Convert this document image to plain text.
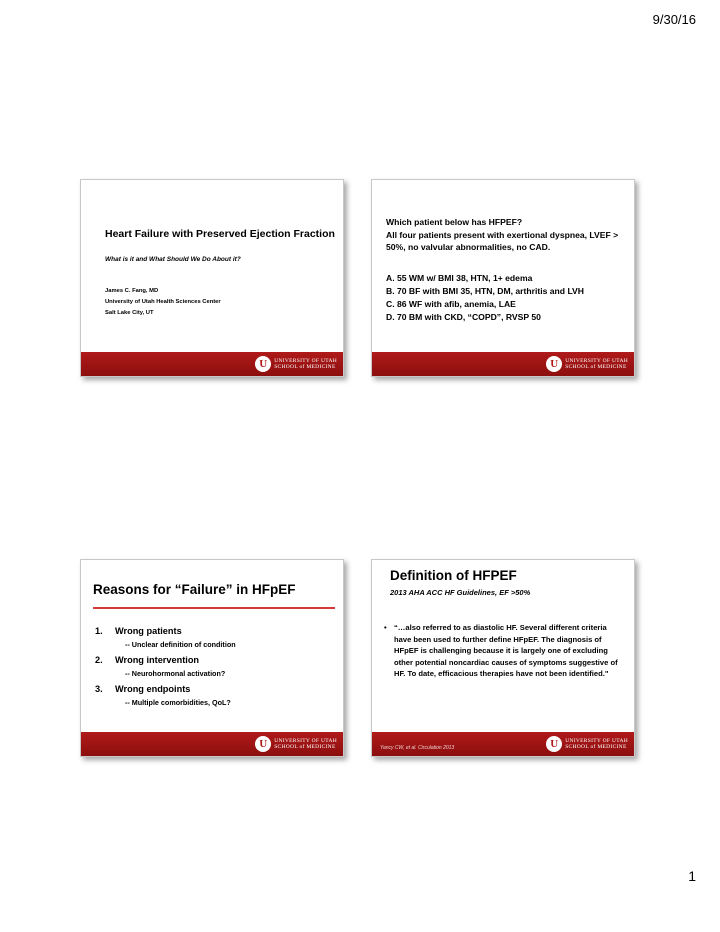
9/30/16

Heart Failure with Preserved Ejection Fraction

What is it and What Should We Do About it?

James C. Fang, MD
University of Utah Health Sciences Center
Salt Lake City, UT
U	UNIVERSITY OF UTAH
SCHOOL of MEDICINE
Which patient below has HFPEF?
All four patients present with exertional dyspnea, LVEF > 50%, no valvular abnormalities, no CAD.
A. 55 WM w/ BMI 38, HTN, 1+ edema
B. 70 BF with BMI 35, HTN, DM, arthritis and LVH
C. 86 WF with afib, anemia, LAE
D. 70 BM with CKD, “COPD”, RVSP 50
U	UNIVERSITY OF UTAH
SCHOOL of MEDICINE

Reasons for “Failure” in HFpEF

1. Wrong patients
-- Unclear definition of condition
2. Wrong intervention
-- Neurohormonal activation?
3. Wrong endpoints
-- Multiple comorbidities, QoL?
U	UNIVERSITY OF UTAH
SCHOOL of MEDICINE

Definition of HFPEF

2013 AHA ACC HF Guidelines, EF >50%

• “…also referred to as diastolic HF. Several different criteria have been used to further define HFpEF. The diagnosis of HFpEF is challenging because it is largely one of excluding other potential noncardiac causes of symptoms suggestive of HF. To date, efficacious therapies have not been identified."

Yancy CW, et al. Circulation 2013	U	UNIVERSITY OF UTAH
SCHOOL of MEDICINE
1
